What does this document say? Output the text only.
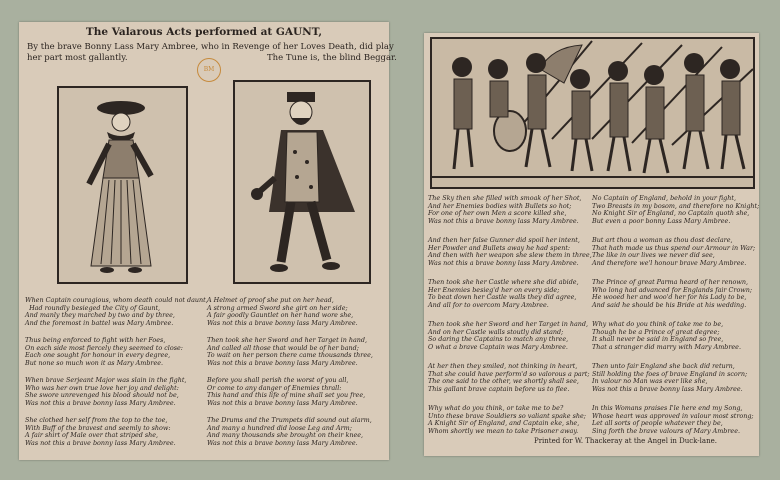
The Valarous Acts performed at GAUNT,
By the brave Bonny Lass Mary Ambree, who in Revenge of her Loves Death, did play
her part most gallantly.	The Tune is, the blind Beggar.
BM
When Captain couragious, whom death could not daunt,
Had roundly besieged the City of Gaunt,
And manly they marched by two and by three,
And the foremost in battel was Mary Ambree.
Thus being enforced to fight with her Foes,
On each side most fiercely they seemed to close:
Each one sought for honour in every degree,
But none so much won it as Mary Ambree.
When brave Serjeant Major was slain in the fight,
Who was her own true love her joy and delight:
She swore unrevenged his blood should not be,
Was not this a brave bonny lass Mary Ambree.
She clothed her self from the top to the toe,
With Buff of the bravest and seemly to show:
A fair shirt of Male over that striped she,
Was not this a brave bonny lass Mary Ambree.
A Helmet of proof she put on her head,
A strong armed Sword she girt on her side;
A fair goodly Gauntlet on her hand wore she,
Was not this a brave bonny lass Mary Ambree.
Then took she her Sword and her Target in hand,
And called all those that would be of her band;
To wait on her person there came thousands three,
Was not this a brave bonny lass Mary Ambree.
Before you shall perish the worst of you all,
Or come to any danger of Enemies thrall:
This hand and this life of mine shall set you free,
Was not this a brave bonny lass Mary Ambree.
The Drums and the Trumpets did sound out alarm,
And many a hundred did loose Leg and Arm;
And many thousands she brought on their knee,
Was not this a brave bonny lass Mary Ambree.
The Sky then she filled with smoak of her Shot,
And her Enemies bodies with Bullets so hot;
For one of her own Men a score killed she,
Was not this a brave bonny lass Mary Ambree.
And then her false Gunner did spoil her intent,
Her Powder and Bullets away he had spent:
And then with her weapon she slew them in three,
Was not this a brave bonny lass Mary Ambree.
Then took she her Castle where she did abide,
Her Enemies besieg'd her on every side;
To beat down her Castle walls they did agree,
And all for to overcom Mary Ambree.
Then took she her Sword and her Target in hand,
And on her Castle walls stoutly did stand;
So daring the Captains to match any three,
O what a brave Captain was Mary Ambree.
At her then they smiled, not thinking in heart,
That she could have perform'd so valorous a part;
The one said to the other, we shortly shall see,
This gallant brave captain before us to flee.
Why what do you think, or take me to be?
Unto these brave Souldiers so valiant spake she;
A Knight Sir of England, and Captain eke, she,
Whom shortly we mean to take Prisoner away.
No Captain of England, behold in your fight,
Two Breasts in my bosom, and therefore no Knight;
No Knight Sir of England, no Captain quoth she,
But even a poor bonny Lass Mary Ambree.
But art thou a woman as thou dost declare,
That hath made us thus spend our Armour in War;
The like in our lives we never did see,
And therefore we'l honour brave Mary Ambree.
The Prince of great Parma heard of her renown,
Who long had advanced for Englands fair Crown;
He wooed her and woo'd her for his Lady to be,
And said he should be his Bride at his wedding.
Why what do you think of take me to be,
Though he be a Prince of great degree;
It shall never be said in England so free,
That a stranger did marry with Mary Ambree.
Then unto fair England she back did return,
Still holding the foes of brave England in scorn;
In valour no Man was ever like she,
Was not this a brave bonny lass Mary Ambree.
In this Womans praises I'le here end my Song,
Whose heart was approved in valour most strong;
Let all sorts of people whatever they be,
Sing forth the brave valours of Mary Ambree.
Printed for W. Thackeray at the Angel in Duck-lane.
